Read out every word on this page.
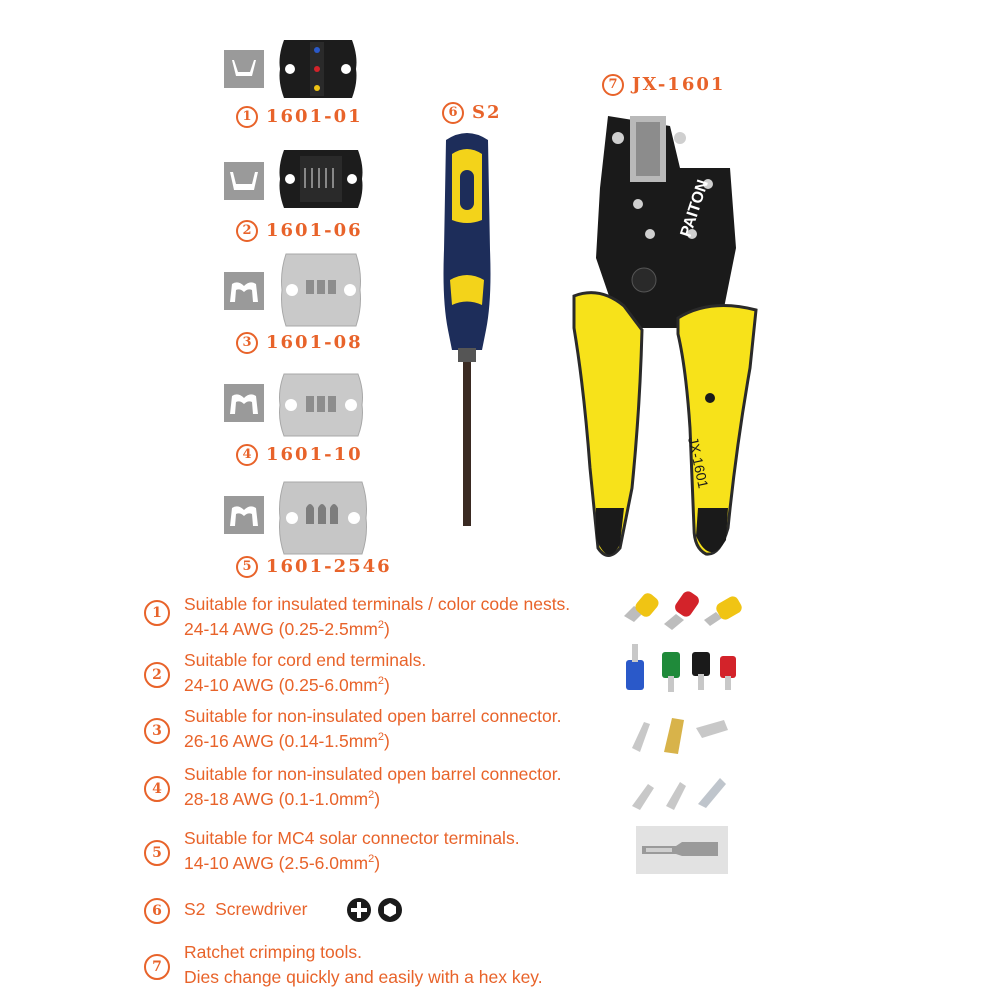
1 1601-01
2 1601-06
3 1601-08
4 1601-10
5 1601-2546
6 S2
7 JX-1601
PAITON
JX-1601
1	Suitable for insulated terminals / color code nests.
24-14 AWG $(0.25-2.5mm^2)$
2
Suitable for cord end terminals.
24-10 AWG $(0.25-6.0mm^2)$
3
Suitable for non-insulated open barrel connector.
26-16 AWG $(0.14-1.5mm^2)$
4
Suitable for non-insulated open barrel connector.
28-18 AWG $(0.1-1.0mm^2)$
5
Suitable for MC4 solar connector terminals.
14-10 AWG $(2.5-6.0mm^2)$
6	S2  Screwdriver
7
Ratchet crimping tools.
Dies change quickly and easily with a hex key.
